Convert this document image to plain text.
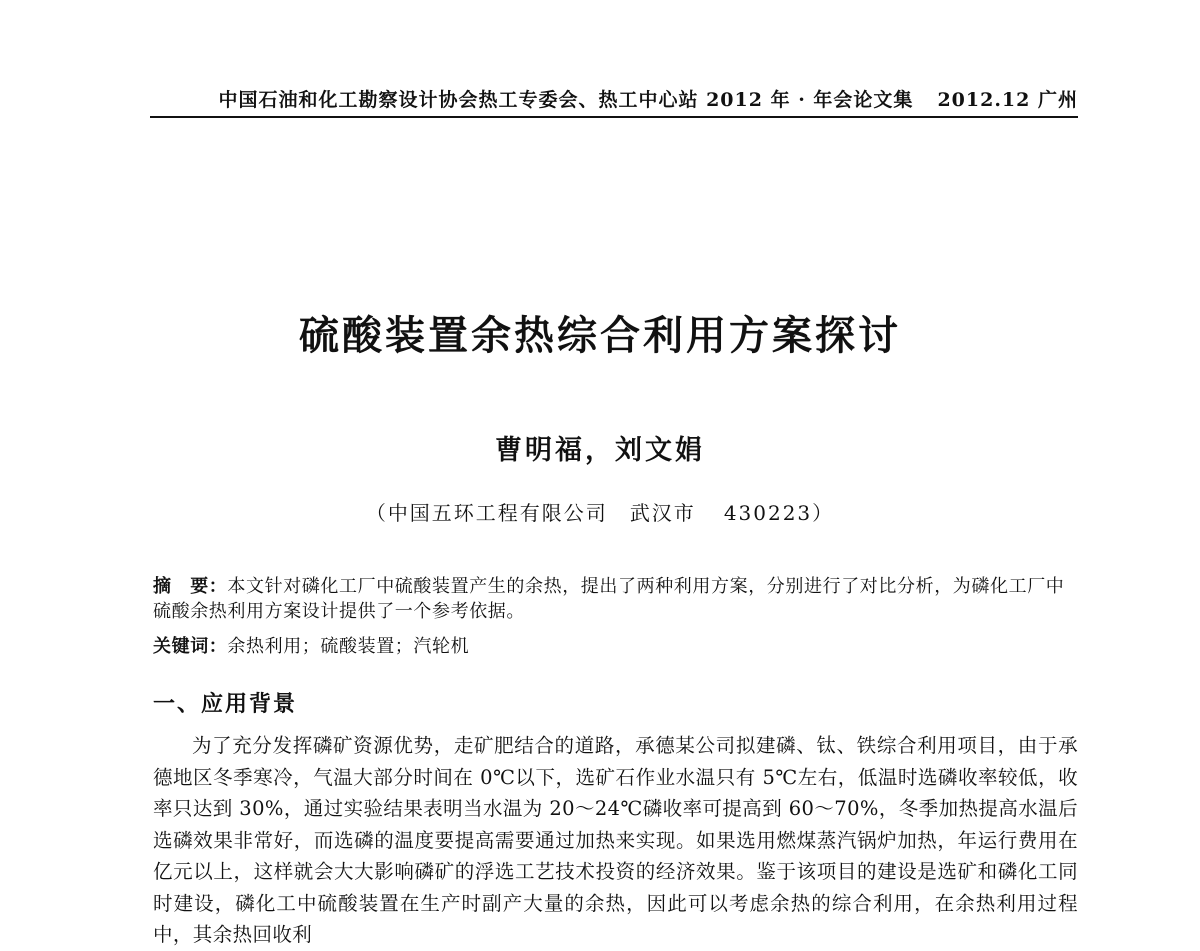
中国石油和化工勘察设计协会热工专委会、热工中心站 2012 年 · 年会论文集 2012.12 广州
硫酸装置余热综合利用方案探讨
曹明福，刘文娟
（中国五环工程有限公司 武汉市 430223）
摘　要：本文针对磷化工厂中硫酸装置产生的余热，提出了两种利用方案，分别进行了对比分析，为磷化工厂中硫酸余热利用方案设计提供了一个参考依据。
关键词：余热利用；硫酸装置；汽轮机
一、应用背景

为了充分发挥磷矿资源优势，走矿肥结合的道路，承德某公司拟建磷、钛、铁综合利用项目，由于承德地区冬季寒冷，气温大部分时间在 0℃以下，选矿石作业水温只有 5℃左右，低温时选磷收率较低，收率只达到 30%，通过实验结果表明当水温为 20～24℃磷收率可提高到 60～70%，冬季加热提高水温后选磷效果非常好，而选磷的温度要提高需要通过加热来实现。如果选用燃煤蒸汽锅炉加热，年运行费用在亿元以上，这样就会大大影响磷矿的浮选工艺技术投资的经济效果。鉴于该项目的建设是选矿和磷化工同时建设，磷化工中硫酸装置在生产时副产大量的余热，因此可以考虑余热的综合利用，在余热利用过程中，其余热回收利
